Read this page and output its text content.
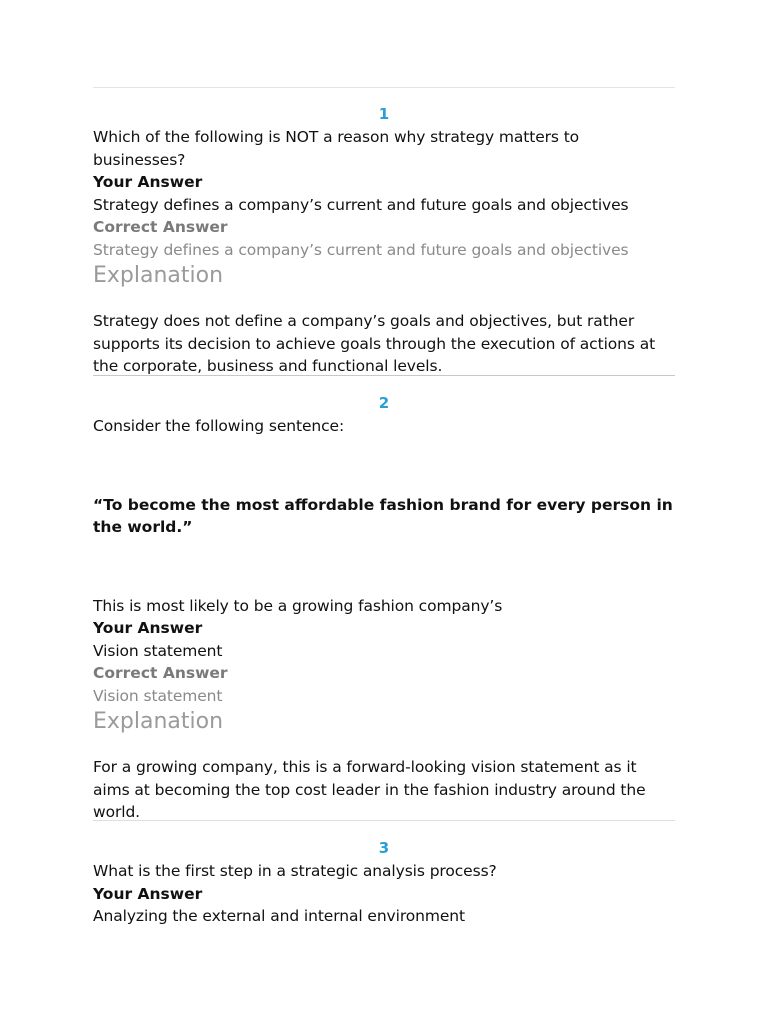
1

Which of the following is NOT a reason why strategy matters to businesses?

Your Answer

Strategy defines a company’s current and future goals and objectives

Correct Answer

Strategy defines a company’s current and future goals and objectives

Explanation

Strategy does not define a company’s goals and objectives, but rather supports its decision to achieve goals through the execution of actions at the corporate, business and functional levels.

2

Consider the following sentence:

“To become the most affordable fashion brand for every person in the world.”

This is most likely to be a growing fashion company’s

Your Answer

Vision statement

Correct Answer

Vision statement

Explanation

For a growing company, this is a forward-looking vision statement as it aims at becoming the top cost leader in the fashion industry around the world.

3

What is the first step in a strategic analysis process?

Your Answer

Analyzing the external and internal environment
